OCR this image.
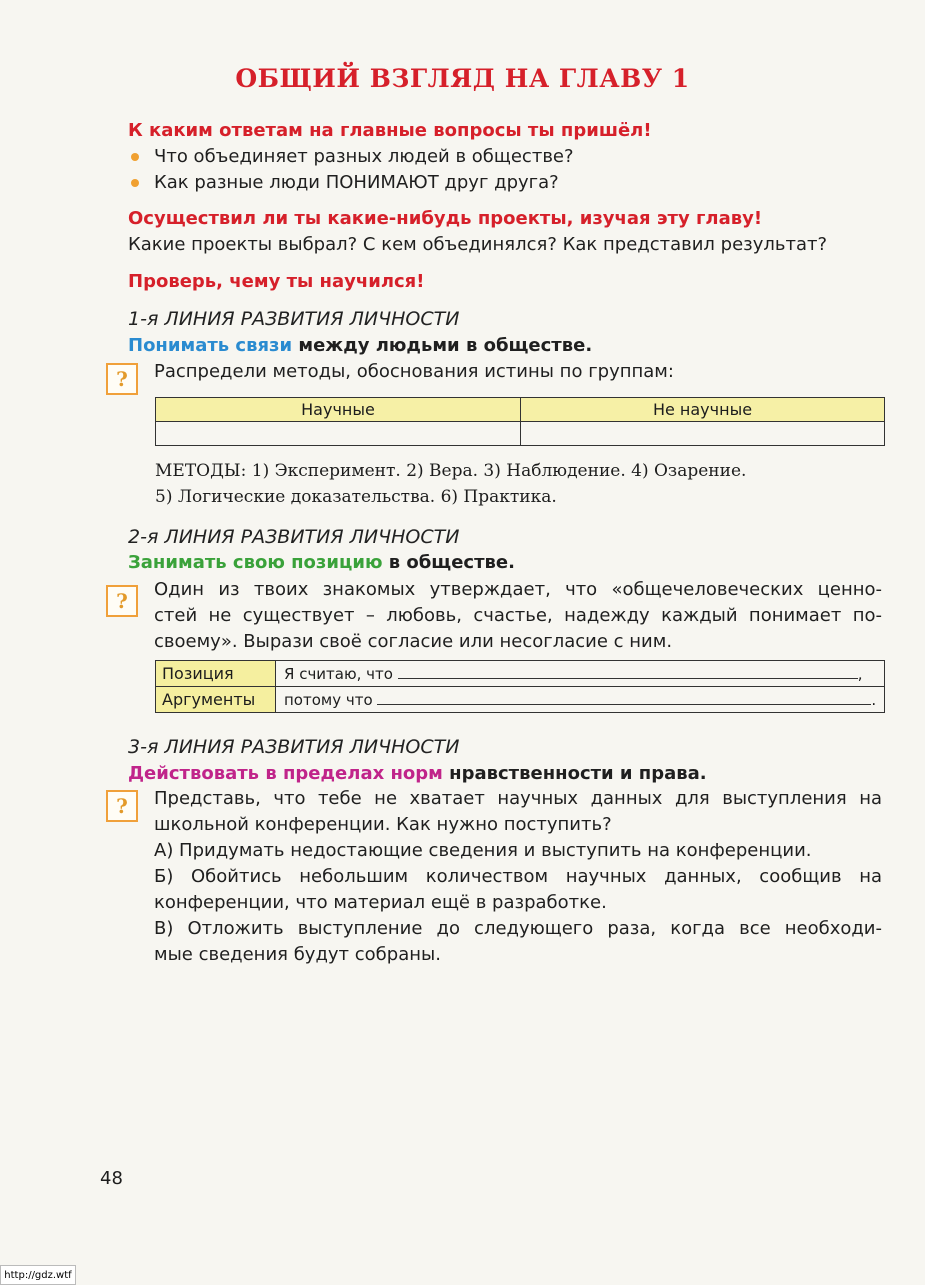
ОБЩИЙ ВЗГЛЯД НА ГЛАВУ 1
К каким ответам на главные вопросы ты пришёл!
Что объединяет разных людей в обществе?
Как разные люди ПОНИМАЮТ друг друга?
Осуществил ли ты какие-нибудь проекты, изучая эту главу!
Какие проекты выбрал? С кем объединялся? Как представил результат?
Проверь, чему ты научился!
1-я ЛИНИЯ РАЗВИТИЯ ЛИЧНОСТИ
Понимать связи между людьми в обществе.
?	Распредели методы, обоснования истины по группам:
Научные	Не научные

МЕТОДЫ: 1) Эксперимент. 2) Вера. 3) Наблюдение. 4) Озарение.
5) Логические доказательства. 6) Практика.
2-я ЛИНИЯ РАЗВИТИЯ ЛИЧНОСТИ
Занимать свою позицию в обществе.
?	Один из твоих знакомых утверждает, что «общечеловеческих ценно-
стей не существует – любовь, счастье, надежду каждый понимает по-
своему». Вырази своё согласие или несогласие с ним.
Позиция	Я считаю, что ,
Аргументы	потому что .
3-я ЛИНИЯ РАЗВИТИЯ ЛИЧНОСТИ
Действовать в пределах норм нравственности и права.
?	Представь, что тебе не хватает научных данных для выступления на
школьной конференции. Как нужно поступить?
А) Придумать недостающие сведения и выступить на конференции.
Б) Обойтись небольшим количеством научных данных, сообщив на
конференции, что материал ещё в разработке.
В) Отложить выступление до следующего раза, когда все необходи-
мые сведения будут собраны.
48
http://gdz.wtf
